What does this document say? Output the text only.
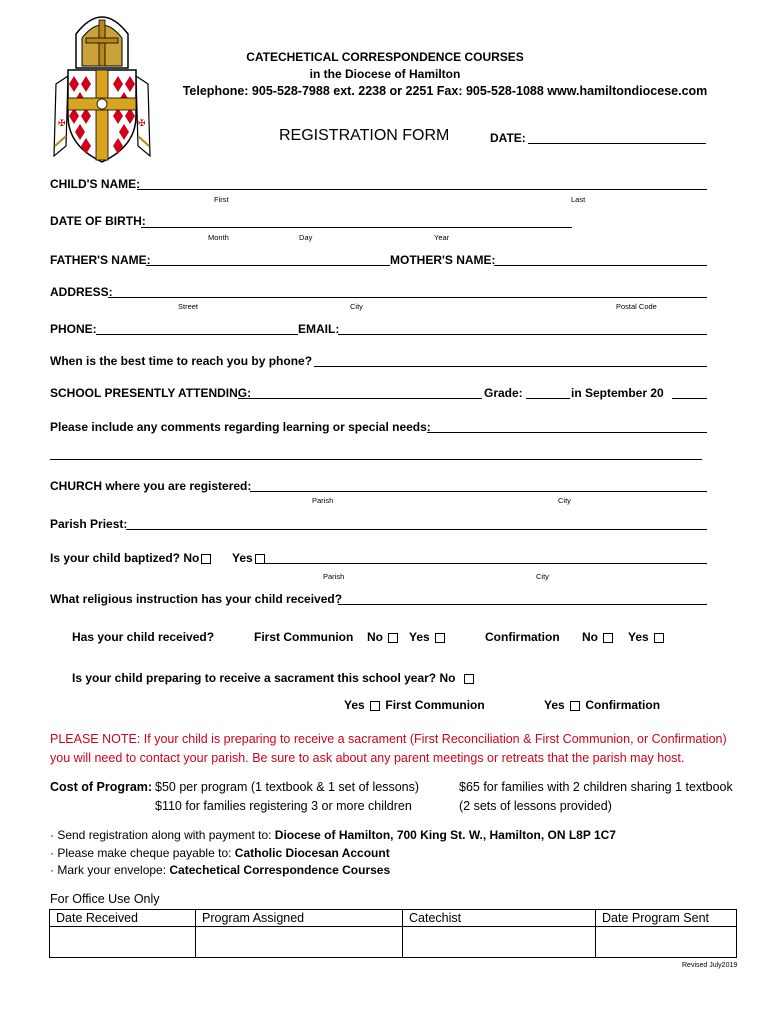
✠	✠
CATECHETICAL CORRESPONDENCE COURSES
in the Diocese of Hamilton
Telephone: 905-528-7988 ext. 2238 or 2251 Fax: 905-528-1088 www.hamiltondiocese.com
REGISTRATION FORM	DATE:
CHILD'S NAME:
First	Last
DATE OF BIRTH:
Month	Day	Year
FATHER'S NAME:	MOTHER'S NAME:
ADDRESS:
Street	City	Postal Code
PHONE:	EMAIL:
When is the best time to reach you by phone?
SCHOOL PRESENTLY ATTENDING:	Grade:	in September 20
Please include any comments regarding learning or special needs:
CHURCH where you are registered:
Parish	City
Parish Priest:
Is your child baptized? No	Yes
Parish	City
What religious instruction has your child received?
Has your child received?	First Communion No	Yes	Confirmation No	Yes
Is your child preparing to receive a sacrament this school year? No
Yes First Communion	Yes Confirmation
PLEASE NOTE: If your child is preparing to receive a sacrament (First Reconciliation & First Communion, or Confirmation)
you will need to contact your parish. Be sure to ask about any parent meetings or retreats that the parish may host.
Cost of Program: $50 per program (1 textbook & 1 set of lessons)
$110 for families registering 3 or more children
$65 for families with 2 children sharing 1 textbook
(2 sets of lessons provided)
· Send registration along with payment to: Diocese of Hamilton, 700 King St. W., Hamilton, ON L8P 1C7
· Please make cheque payable to: Catholic Diocesan Account
· Mark your envelope: Catechetical Correspondence Courses
For Office Use Only
Date Received	Program Assigned	Catechist	Date Program Sent

Revised July2019
